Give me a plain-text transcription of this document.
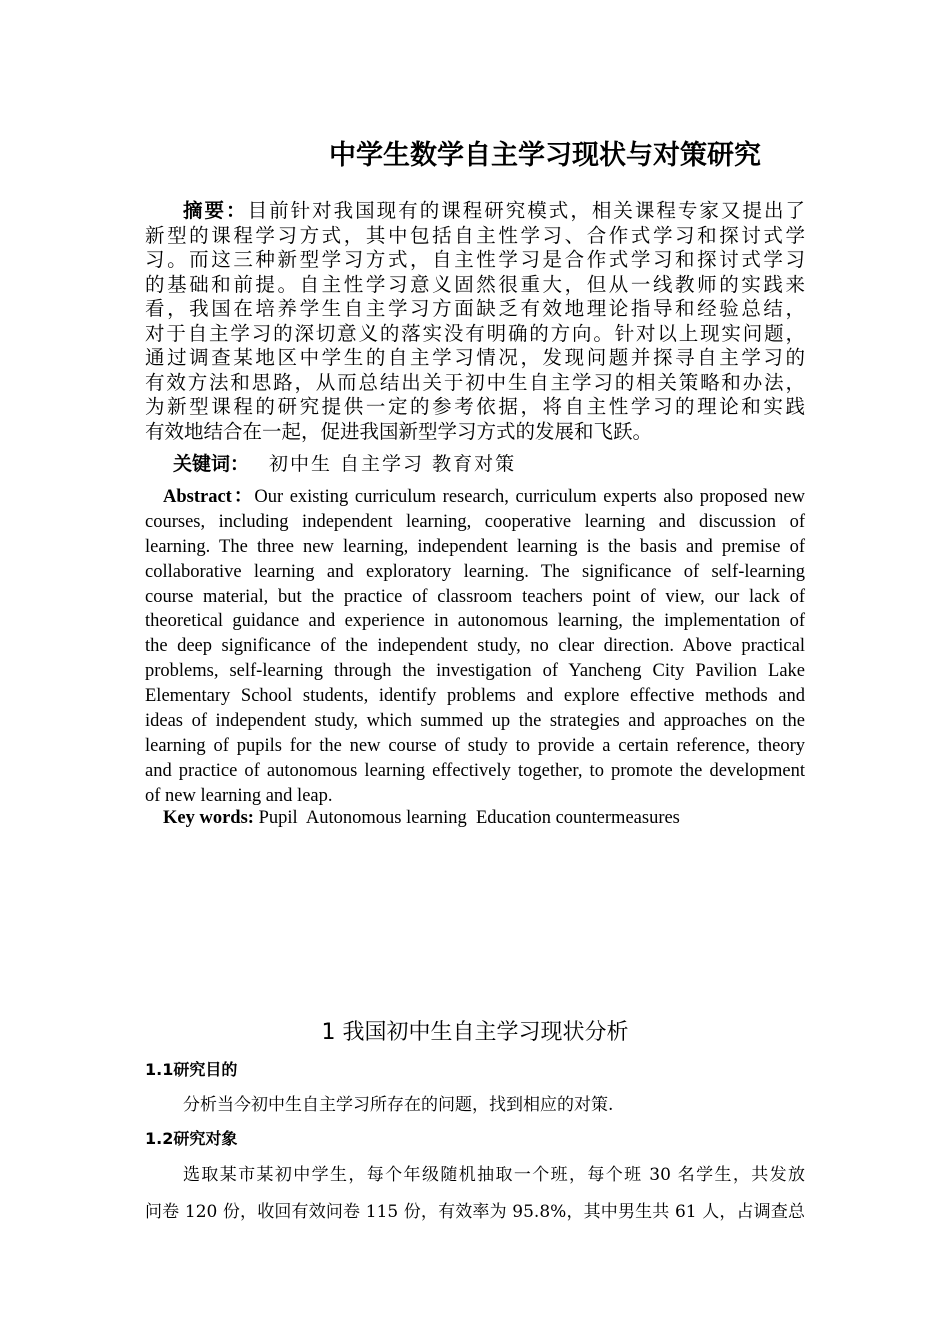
中学生数学自主学习现状与对策研究
摘要：目前针对我国现有的课程研究模式，相关课程专家又提出了
新型的课程学习方式，其中包括自主性学习、合作式学习和探讨式学
习。而这三种新型学习方式，自主性学习是合作式学习和探讨式学习
的基础和前提。自主性学习意义固然很重大，但从一线教师的实践来
看，我国在培养学生自主学习方面缺乏有效地理论指导和经验总结，
对于自主学习的深切意义的落实没有明确的方向。针对以上现实问题，
通过调查某地区中学生的自主学习情况，发现问题并探寻自主学习的
有效方法和思路，从而总结出关于初中生自主学习的相关策略和办法，
为新型课程的研究提供一定的参考依据，将自主性学习的理论和实践
有效地结合在一起，促进我国新型学习方式的发展和飞跃。
关键词： 初中生 自主学习 教育对策
Abstract：Our existing curriculum research, curriculum experts also proposed new
courses, including independent learning, cooperative learning and discussion of
learning. The three new learning, independent learning is the basis and premise of
collaborative learning and exploratory learning. The significance of self-learning
course material, but the practice of classroom teachers point of view, our lack of
theoretical guidance and experience in autonomous learning, the implementation of
the deep significance of the independent study, no clear direction. Above practical
problems, self-learning through the investigation of Yancheng City Pavilion Lake
Elementary School students, identify problems and explore effective methods and
ideas of independent study, which summed up the strategies and approaches on the
learning of pupils for the new course of study to provide a certain reference, theory
and practice of autonomous learning effectively together, to promote the development
of new learning and leap.
Key words: Pupil  Autonomous learning  Education countermeasures
1 我国初中生自主学习现状分析
1.1研究目的
分析当今初中生自主学习所存在的问题，找到相应的对策.
1.2研究对象
选取某市某初中学生，每个年级随机抽取一个班，每个班 30 名学生，共发放
问卷 120 份，收回有效问卷 115 份，有效率为 95.8%，其中男生共 61 人，占调查总
